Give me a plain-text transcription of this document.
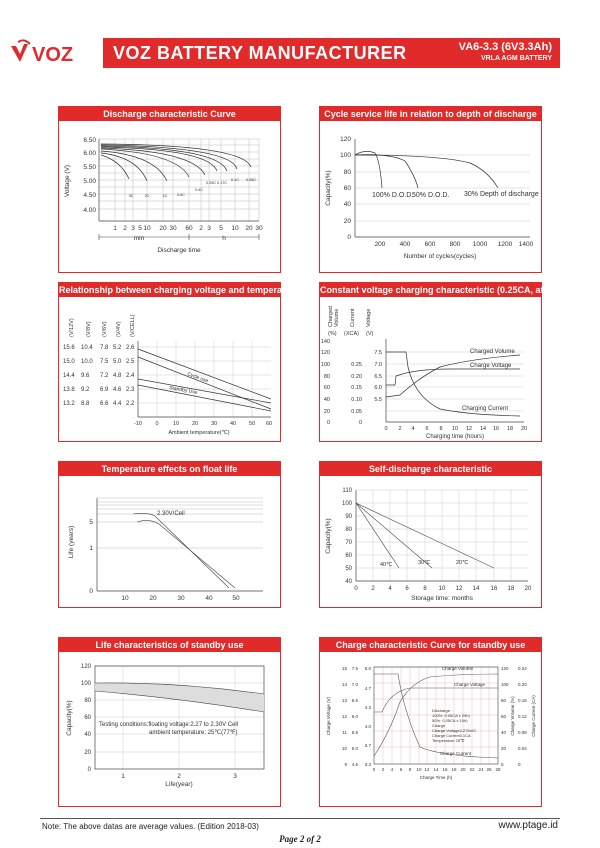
VOZ VOZ BATTERY MANUFACTURER	VA6-3.3 (6V3.3Ah)
VRLA AGM BATTERY
Discharge characteristic Curve
6.50
6.00
5.50
5.00
4.50
4.00
Voltage (V)	3C	2C	1C	0.6C
0.4C
0.25C 0.17C
0.1C 0.05C
1 2 3 5 10 20 30 60 2 3 5 10 20 30
min	h
Discharge time
Cycle service life in relation to depth of discharge
0
20
40
60
80
100
120
Capacity(%)
200 400 600 800 1000 1200 1400
Number of cycles(cycles)
100% D.O.D.
50% D.O.D. 30% Depth of discharge
Relationship between charging voltage and temperature
(V/12V) (V/8V) (V/6V) (V/4V) (V/CELL)
15.6 10.4 7.8 5.2 2.6
15.0 10.0 7.5 5.0 2.5
14.4 9.6 7.2 4.8 2.4
13.8 9.2 6.9 4.6 2.3
13.2 8.8 6.6 4.4 2.2
Cycle use
Standby Use
-10 0	10 20 30 40 50 60
Ambient temperature(℃)
Constant voltage charging characteristic (0.25CA, at 25℃)
Charged Volume Current Voltage
(%) (XCA) (V)
0
20
40
60
80
100
120
140
0
0.05
0.10
0.15
0.20
0.25
5.5
6.0
6.5
7.0
7.5	Charged Volume
Charge Voltage
Charging Current
0 2 4 6 8 10 12 14 16 18 20
Charging time (hours)
Temperature effects on float life
2.30V/Cell
5
1
0
Life (years)
10	20	30	40	50
Self-discharge characteristic
40℃	30℃	20℃
40
50
60
70
80
90
100
110
Capacity(%)
0 2 4 6 8 10 12 14 16 18 20
Storage time: months
Life characteristics of standby use
Testing conditions:floating voltage:2.27 to 2.30V Cell
ambient temperature: 25℃(77℉)
0
20
40
60
80
100
120
Capacity(%)
1	2	3
Life(year)
Charge characteristic Curve for standby use
Charge Volume
Charge Voltage
Charge Current
Discharge
100%: 0.05CA x 20h)
50%: 0.05CA x 10h)
Charge
Charge Voltage2.275V/C
Charge Current0.1CA
Temperature 25℃
9
10
11
12
13
14
15
4.5
5.0
5.5
6.0
6.5
7.0
7.5
3.3
3.7
4.0
4.3
4.7
5.0
0
20
40
60
80
100
120
0
0.04
0.08
0.12
0.16
0.20
0.24
Charge Voltage (V)	Charge Volume (%)	Charge Current (CA)
0 2 4 6 8 10 12 14 16 18 20 22 24 26 28
Charge Time (h)
Note: The above datas are average values. (Edition 2018-03)	www.ptage.id
Page 2 of 2
